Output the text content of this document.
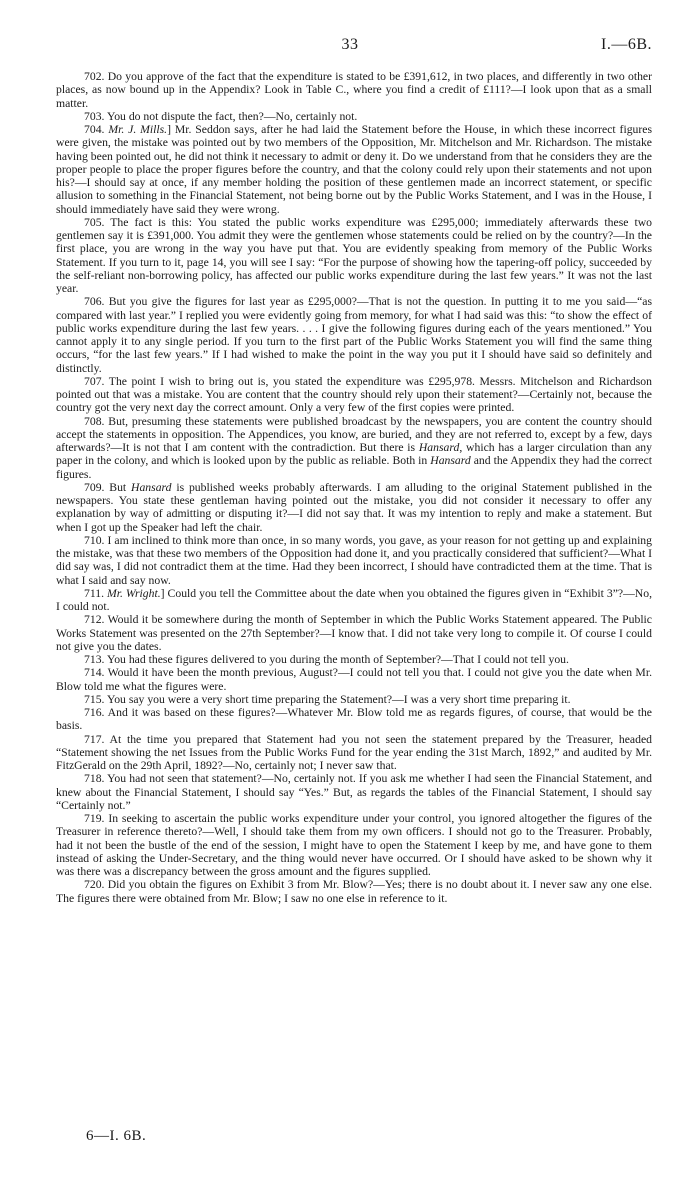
33	I.—6B.

702. Do you approve of the fact that the expenditure is stated to be £391,612, in two places, and differently in two other places, as now bound up in the Appendix? Look in Table C., where you find a credit of £111?—I look upon that as a small matter.

703. You do not dispute the fact, then?—No, certainly not.

704. Mr. J. Mills.] Mr. Seddon says, after he had laid the Statement before the House, in which these incorrect figures were given, the mistake was pointed out by two members of the Opposition, Mr. Mitchelson and Mr. Richardson. The mistake having been pointed out, he did not think it necessary to admit or deny it. Do we understand from that he considers they are the proper people to place the proper figures before the country, and that the colony could rely upon their statements and not upon his?—I should say at once, if any member holding the position of these gentlemen made an incorrect statement, or specific allusion to something in the Financial Statement, not being borne out by the Public Works Statement, and I was in the House, I should immediately have said they were wrong.

705. The fact is this: You stated the public works expenditure was £295,000; immediately afterwards these two gentlemen say it is £391,000. You admit they were the gentlemen whose statements could be relied on by the country?—In the first place, you are wrong in the way you have put that. You are evidently speaking from memory of the Public Works Statement. If you turn to it, page 14, you will see I say: “For the purpose of showing how the tapering-off policy, succeeded by the self-reliant non-borrowing policy, has affected our public works expenditure during the last few years.” It was not the last year.

706. But you give the figures for last year as £295,000?—That is not the question. In putting it to me you said—“as compared with last year.” I replied you were evidently going from memory, for what I had said was this: “to show the effect of public works expenditure during the last few years. . . . I give the following figures during each of the years mentioned.” You cannot apply it to any single period. If you turn to the first part of the Public Works Statement you will find the same thing occurs, “for the last few years.” If I had wished to make the point in the way you put it I should have said so definitely and distinctly.

707. The point I wish to bring out is, you stated the expenditure was £295,978. Messrs. Mitchelson and Richardson pointed out that was a mistake. You are content that the country should rely upon their statement?—Certainly not, because the country got the very next day the correct amount. Only a very few of the first copies were printed.

708. But, presuming these statements were published broadcast by the newspapers, you are content the country should accept the statements in opposition. The Appendices, you know, are buried, and they are not referred to, except by a few, days afterwards?—It is not that I am content with the contradiction. But there is Hansard, which has a larger circulation than any paper in the colony, and which is looked upon by the public as reliable. Both in Hansard and the Appendix they had the correct figures.

709. But Hansard is published weeks probably afterwards. I am alluding to the original Statement published in the newspapers. You state these gentleman having pointed out the mistake, you did not consider it necessary to offer any explanation by way of admitting or disputing it?—I did not say that. It was my intention to reply and make a statement. But when I got up the Speaker had left the chair.

710. I am inclined to think more than once, in so many words, you gave, as your reason for not getting up and explaining the mistake, was that these two members of the Opposition had done it, and you practically considered that sufficient?—What I did say was, I did not contradict them at the time. Had they been incorrect, I should have contradicted them at the time. That is what I said and say now.

711. Mr. Wright.] Could you tell the Committee about the date when you obtained the figures given in “Exhibit 3”?—No, I could not.

712. Would it be somewhere during the month of September in which the Public Works Statement appeared. The Public Works Statement was presented on the 27th September?—I know that. I did not take very long to compile it. Of course I could not give you the dates.

713. You had these figures delivered to you during the month of September?—That I could not tell you.

714. Would it have been the month previous, August?—I could not tell you that. I could not give you the date when Mr. Blow told me what the figures were.

715. You say you were a very short time preparing the Statement?—I was a very short time preparing it.

716. And it was based on these figures?—Whatever Mr. Blow told me as regards figures, of course, that would be the basis.

717. At the time you prepared that Statement had you not seen the statement prepared by the Treasurer, headed “Statement showing the net Issues from the Public Works Fund for the year ending the 31st March, 1892,” and audited by Mr. FitzGerald on the 29th April, 1892?—No, certainly not; I never saw that.

718. You had not seen that statement?—No, certainly not. If you ask me whether I had seen the Financial Statement, and knew about the Financial Statement, I should say “Yes.” But, as regards the tables of the Financial Statement, I should say “Certainly not.”

719. In seeking to ascertain the public works expenditure under your control, you ignored altogether the figures of the Treasurer in reference thereto?—Well, I should take them from my own officers. I should not go to the Treasurer. Probably, had it not been the bustle of the end of the session, I might have to open the Statement I keep by me, and have gone to them instead of asking the Under-Secretary, and the thing would never have occurred. Or I should have asked to be shown why it was there was a discrepancy between the gross amount and the figures supplied.

720. Did you obtain the figures on Exhibit 3 from Mr. Blow?—Yes; there is no doubt about it. I never saw any one else. The figures there were obtained from Mr. Blow; I saw no one else in reference to it.

6—I. 6B.
